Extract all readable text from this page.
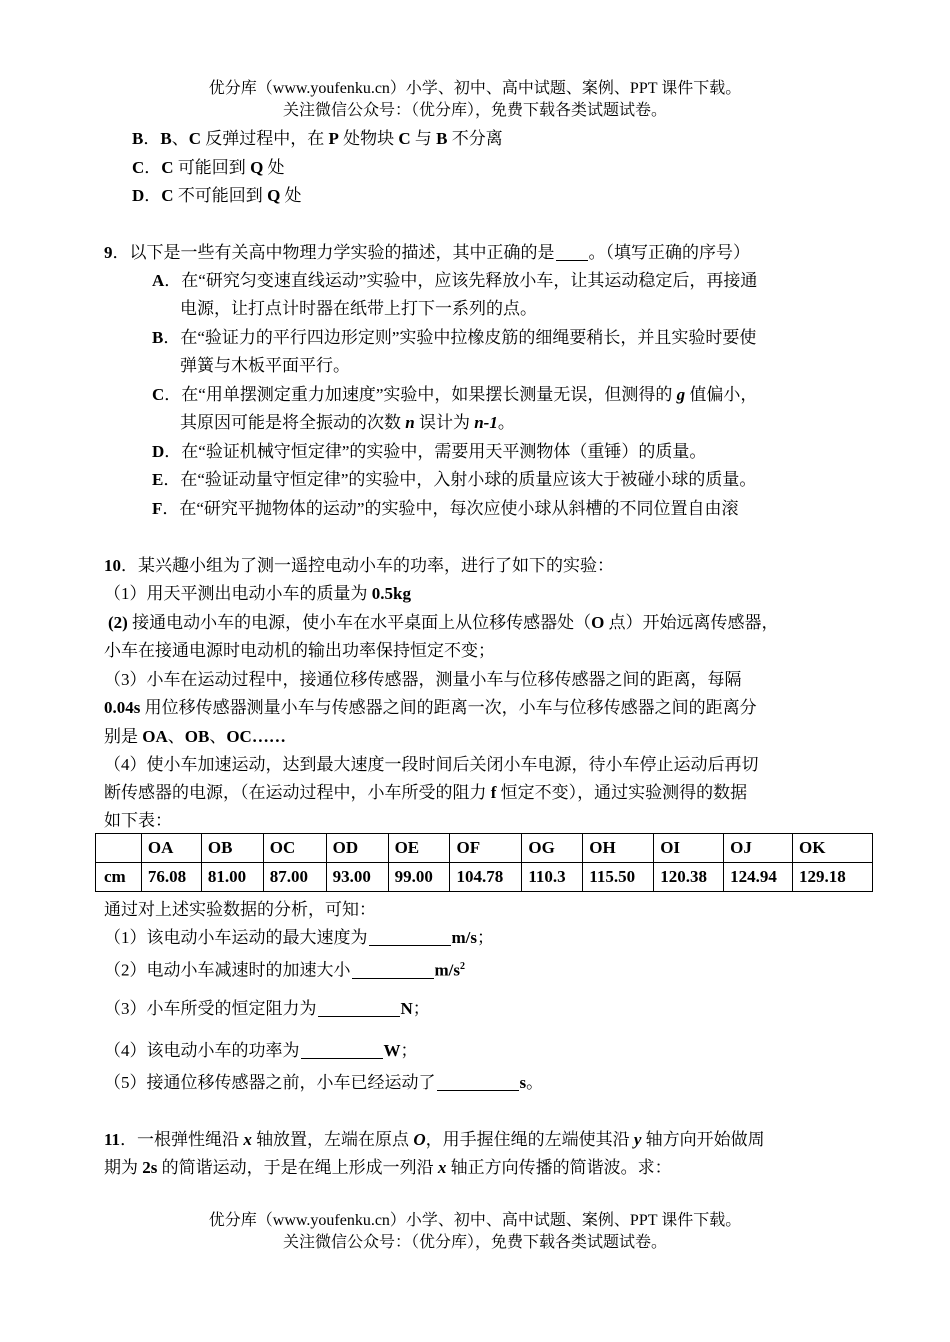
优分库（www.youfenku.cn）小学、初中、高中试题、案例、PPT 课件下载。
关注微信公众号：（优分库），免费下载各类试题试卷。
B．B、C 反弹过程中，在 P 处物块 C 与 B 不分离
C．C 可能回到 Q 处
D．C 不可能回到 Q 处
9．以下是一些有关高中物理力学实验的描述，其中正确的是 。（填写正确的序号）
A．在“研究匀变速直线运动”实验中，应该先释放小车，让其运动稳定后，再接通
电源，让打点计时器在纸带上打下一系列的点。
B．在“验证力的平行四边形定则”实验中拉橡皮筋的细绳要稍长，并且实验时要使
弹簧与木板平面平行。
C．在“用单摆测定重力加速度”实验中，如果摆长测量无误，但测得的 g 值偏小，
其原因可能是将全振动的次数 n 误计为 n-1。
D．在“验证机械守恒定律”的实验中，需要用天平测物体（重锤）的质量。
E．在“验证动量守恒定律”的实验中，入射小球的质量应该大于被碰小球的质量。
F．在“研究平抛物体的运动”的实验中，每次应使小球从斜槽的不同位置自由滚
10．某兴趣小组为了测一遥控电动小车的功率，进行了如下的实验：
（1）用天平测出电动小车的质量为 0.5kg
(2) 接通电动小车的电源，使小车在水平桌面上从位移传感器处（O 点）开始远离传感器，
小车在接通电源时电动机的输出功率保持恒定不变；
（3）小车在运动过程中，接通位移传感器，测量小车与位移传感器之间的距离，每隔
0.04s 用位移传感器测量小车与传感器之间的距离一次，小车与位移传感器之间的距离分
别是 OA、OB、OC……
（4）使小车加速运动，达到最大速度一段时间后关闭小车电源，待小车停止运动后再切
断传感器的电源，（在运动过程中，小车所受的阻力 f 恒定不变），通过实验测得的数据
如下表：
	OA	OB	OC	OD	OE	OF	OG	OH	OI	OJ	OK
cm	76.08	81.00	87.00	93.00	99.00	104.78	110.3	115.50	120.38	124.94	129.18
通过对上述实验数据的分析，可知：
（1）该电动小车运动的最大速度为	m/s；
（2）电动小车减速时的加速大小	$m/s^2$
（3）小车所受的恒定阻力为	N；
（4）该电动小车的功率为	W；
（5）接通位移传感器之前，小车已经运动了	s。
11．一根弹性绳沿 x 轴放置，左端在原点 O，用手握住绳的左端使其沿 y 轴方向开始做周
期为 2s 的简谐运动，于是在绳上形成一列沿 x 轴正方向传播的简谐波。求：
优分库（www.youfenku.cn）小学、初中、高中试题、案例、PPT 课件下载。
关注微信公众号：（优分库），免费下载各类试题试卷。
